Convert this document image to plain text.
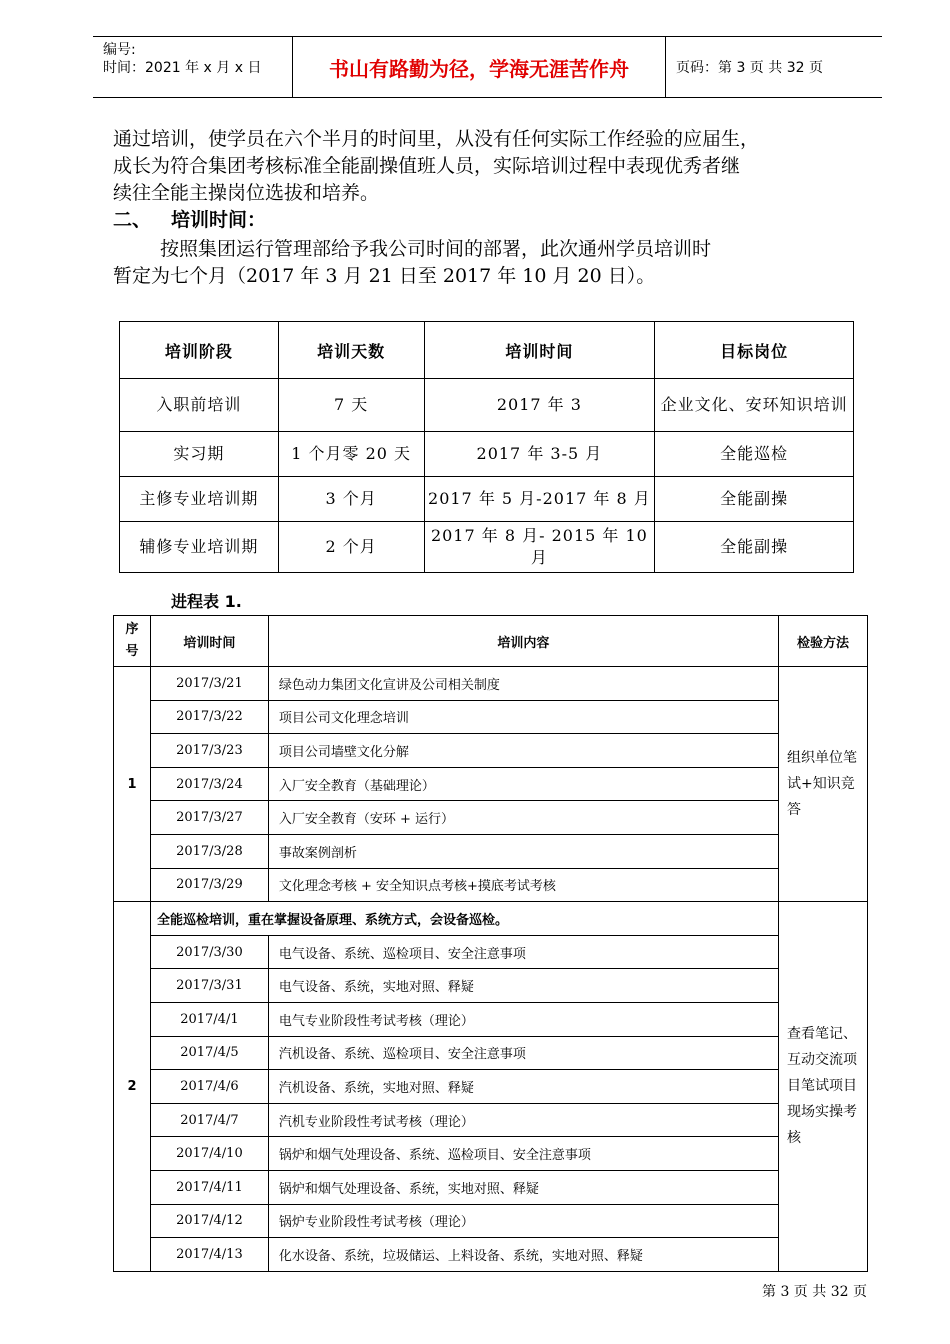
编号:
时间：2021 年 x 月 x 日	书山有路勤为径，学海无涯苦作舟	页码：第 3 页 共 32 页
通过培训，使学员在六个半月的时间里，从没有任何实际工作经验的应届生，
成长为符合集团考核标准全能副操值班人员，实际培训过程中表现优秀者继
续往全能主操岗位选拔和培养。
二、 培训时间：
按照集团运行管理部给予我公司时间的部署，此次通州学员培训时
暂定为七个月（2017 年 3 月 21 日至 2017 年 10 月 20 日）。
培训阶段	培训天数	培训时间	目标岗位
入职前培训	7 天	2017 年 3	企业文化、安环知识培训
实习期	1 个月零 20 天	2017 年 3-5 月	全能巡检
主修专业培训期	3 个月	2017 年 5 月-2017 年 8 月	全能副操
辅修专业培训期	2 个月	2017 年 8 月- 2015 年 10 月	全能副操
进程表 1.
序号	培训时间	培训内容	检验方法
1	2017/3/21	绿色动力集团文化宣讲及公司相关制度	组织单位笔试+知识竞答
	2017/3/22	项目公司文化理念培训	
	2017/3/23	项目公司墙壁文化分解	
	2017/3/24	入厂安全教育（基础理论）	
	2017/3/27	入厂安全教育（安环 + 运行）	
	2017/3/28	事故案例剖析	
	2017/3/29	文化理念考核 + 安全知识点考核+摸底考试考核	
2	全能巡检培训，重在掌握设备原理、系统方式，会设备巡检。		查看笔记、互动交流项目笔试项目现场实操考核
	2017/3/30	电气设备、系统、巡检项目、安全注意事项	
	2017/3/31	电气设备、系统，实地对照、释疑	
	2017/4/1	电气专业阶段性考试考核（理论）	
	2017/4/5	汽机设备、系统、巡检项目、安全注意事项	
	2017/4/6	汽机设备、系统，实地对照、释疑	
	2017/4/7	汽机专业阶段性考试考核（理论）	
	2017/4/10	锅炉和烟气处理设备、系统、巡检项目、安全注意事项	
	2017/4/11	锅炉和烟气处理设备、系统，实地对照、释疑	
	2017/4/12	锅炉专业阶段性考试考核（理论）	
	2017/4/13	化水设备、系统，垃圾储运、上料设备、系统，实地对照、释疑	
第 3 页 共 32 页
